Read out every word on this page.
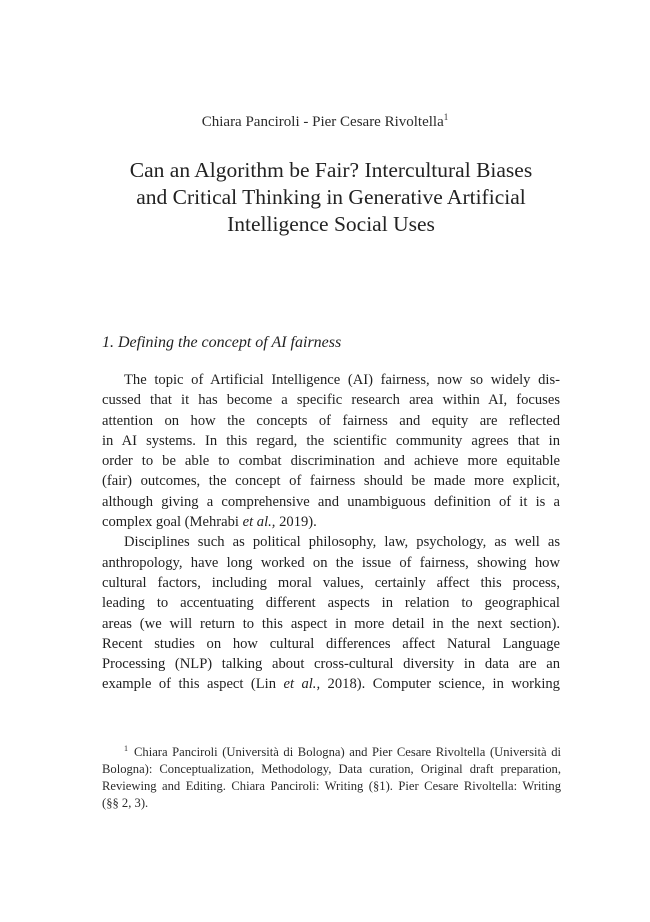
Chiara Panciroli - Pier Cesare Rivoltella$^1$
Can an Algorithm be Fair? Intercultural Biases
and Critical Thinking in Generative Artificial
Intelligence Social Uses
1. Defining the concept of AI fairness
The topic of Artificial Intelligence (AI) fairness, now so widely dis-
cussed that it has become a specific research area within AI, focuses
attention on how the concepts of fairness and equity are reflected
in AI systems. In this regard, the scientific community agrees that in
order to be able to combat discrimination and achieve more equitable
(fair) outcomes, the concept of fairness should be made more explicit,
although giving a comprehensive and unambiguous definition of it is a
complex goal (Mehrabi et al., 2019).
Disciplines such as political philosophy, law, psychology, as well as
anthropology, have long worked on the issue of fairness, showing how
cultural factors, including moral values, certainly affect this process,
leading to accentuating different aspects in relation to geographical
areas (we will return to this aspect in more detail in the next section).
Recent studies on how cultural differences affect Natural Language
Processing (NLP) talking about cross-cultural diversity in data are an
example of this aspect (Lin et al., 2018). Computer science, in working
$^1$ Chiara Panciroli (Università di Bologna) and Pier Cesare Rivoltella (Università di
Bologna): Conceptualization, Methodology, Data curation, Original draft preparation,
Reviewing and Editing. Chiara Panciroli: Writing (§1). Pier Cesare Rivoltella: Writing
(§§ 2, 3).
